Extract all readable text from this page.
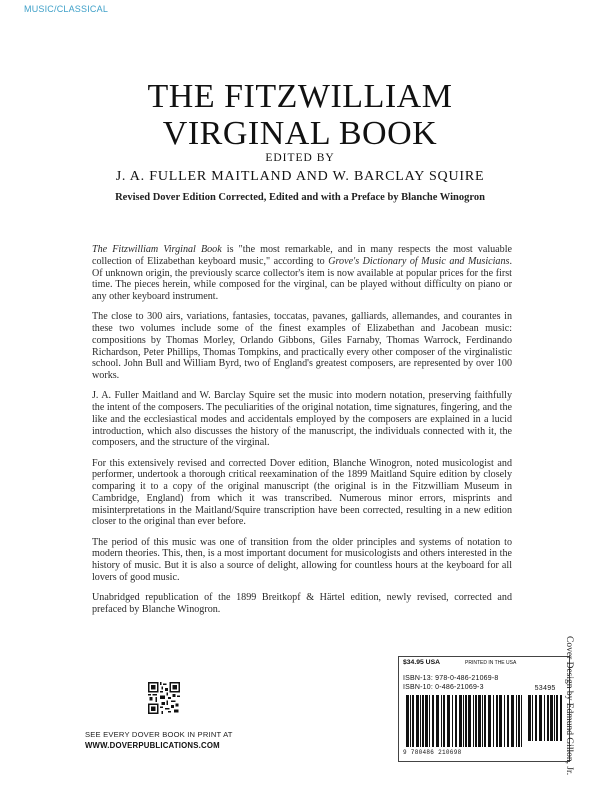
MUSIC/CLASSICAL
THE FITZWILLIAM
VIRGINAL BOOK
EDITED BY
J. A. FULLER MAITLAND AND W. BARCLAY SQUIRE
Revised Dover Edition Corrected, Edited and with a Preface by Blanche Winogron

The Fitzwilliam Virginal Book is "the most remarkable, and in many respects the most valuable collection of Elizabethan keyboard music," according to Grove's Dictionary of Music and Musicians. Of unknown origin, the previously scarce collector's item is now available at popular prices for the first time. The pieces herein, while composed for the virginal, can be played without difficulty on piano or any other keyboard instrument.

The close to 300 airs, variations, fantasies, toccatas, pavanes, galliards, allemandes, and courantes in these two volumes include some of the finest examples of Elizabethan and Jacobean music: compositions by Thomas Morley, Orlando Gibbons, Giles Farnaby, Thomas Warrock, Ferdinando Richardson, Peter Phillips, Thomas Tompkins, and practically every other composer of the virginalistic school. John Bull and William Byrd, two of England's greatest composers, are represented by over 100 works.

J. A. Fuller Maitland and W. Barclay Squire set the music into modern notation, preserving faithfully the intent of the composers. The peculiarities of the original notation, time signatures, fingering, and the like and the ecclesiastical modes and accidentals employed by the composers are explained in a lucid introduction, which also discusses the history of the manuscript, the individuals connected with it, the composers, and the structure of the virginal.

For this extensively revised and corrected Dover edition, Blanche Winogron, noted musicologist and performer, undertook a thorough critical reexamination of the 1899 Maitland Squire edition by closely comparing it to a copy of the original manuscript (the original is in the Fitzwilliam Museum in Cambridge, England) from which it was transcribed. Numerous minor errors, misprints and misinterpretations in the Maitland/Squire transcription have been corrected, resulting in a new edition closer to the original than ever before.

The period of this music was one of transition from the older principles and systems of notation to modern theories. This, then, is a most important document for musicologists and others interested in the history of music. But it is also a source of delight, allowing for countless hours at the keyboard for all lovers of good music.

Unabridged republication of the 1899 Breitkopf & Härtel edition, newly revised, corrected and prefaced by Blanche Winogron.

SEE EVERY DOVER BOOK IN PRINT AT
WWW.DOVERPUBLICATIONS.COM
$34.95 USA	PRINTED IN THE USA
ISBN-13: 978-0-486-21069-8
ISBN-10: 0-486-21069-3	53495
9 780486 210698	Cover Design by Edmund Gillon, Jr.
